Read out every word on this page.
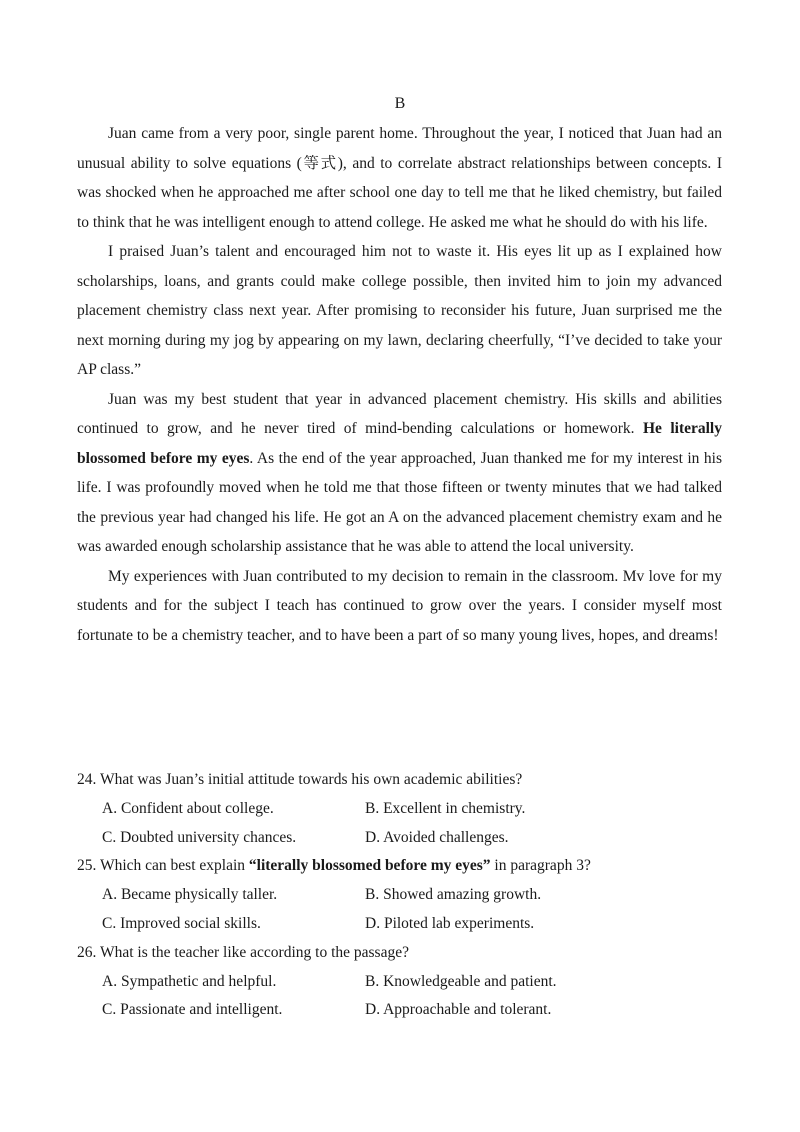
B

Juan came from a very poor, single parent home. Throughout the year, I noticed that Juan had an unusual ability to solve equations (等式), and to correlate abstract relationships between concepts. I was shocked when he approached me after school one day to tell me that he liked chemistry, but failed to think that he was intelligent enough to attend college. He asked me what he should do with his life.

I praised Juan’s talent and encouraged him not to waste it. His eyes lit up as I explained how scholarships, loans, and grants could make college possible, then invited him to join my advanced placement chemistry class next year. After promising to reconsider his future, Juan surprised me the next morning during my jog by appearing on my lawn, declaring cheerfully, “I’ve decided to take your AP class.”

Juan was my best student that year in advanced placement chemistry. His skills and abilities continued to grow, and he never tired of mind-bending calculations or homework. He literally blossomed before my eyes. As the end of the year approached, Juan thanked me for my interest in his life. I was profoundly moved when he told me that those fifteen or twenty minutes that we had talked the previous year had changed his life. He got an A on the advanced placement chemistry exam and he was awarded enough scholarship assistance that he was able to attend the local university.

My experiences with Juan contributed to my decision to remain in the classroom. Mv love for my students and for the subject I teach has continued to grow over the years. I consider myself most fortunate to be a chemistry teacher, and to have been a part of so many young lives, hopes, and dreams!

24. What was Juan’s initial attitude towards his own academic abilities?

A. Confident about college.	B. Excellent in chemistry.
C. Doubted university chances.	D. Avoided challenges.

25. Which can best explain “literally blossomed before my eyes” in paragraph 3?

A. Became physically taller.	B. Showed amazing growth.
C. Improved social skills.	D. Piloted lab experiments.

26. What is the teacher like according to the passage?

A. Sympathetic and helpful.	B. Knowledgeable and patient.
C. Passionate and intelligent.	D. Approachable and tolerant.
